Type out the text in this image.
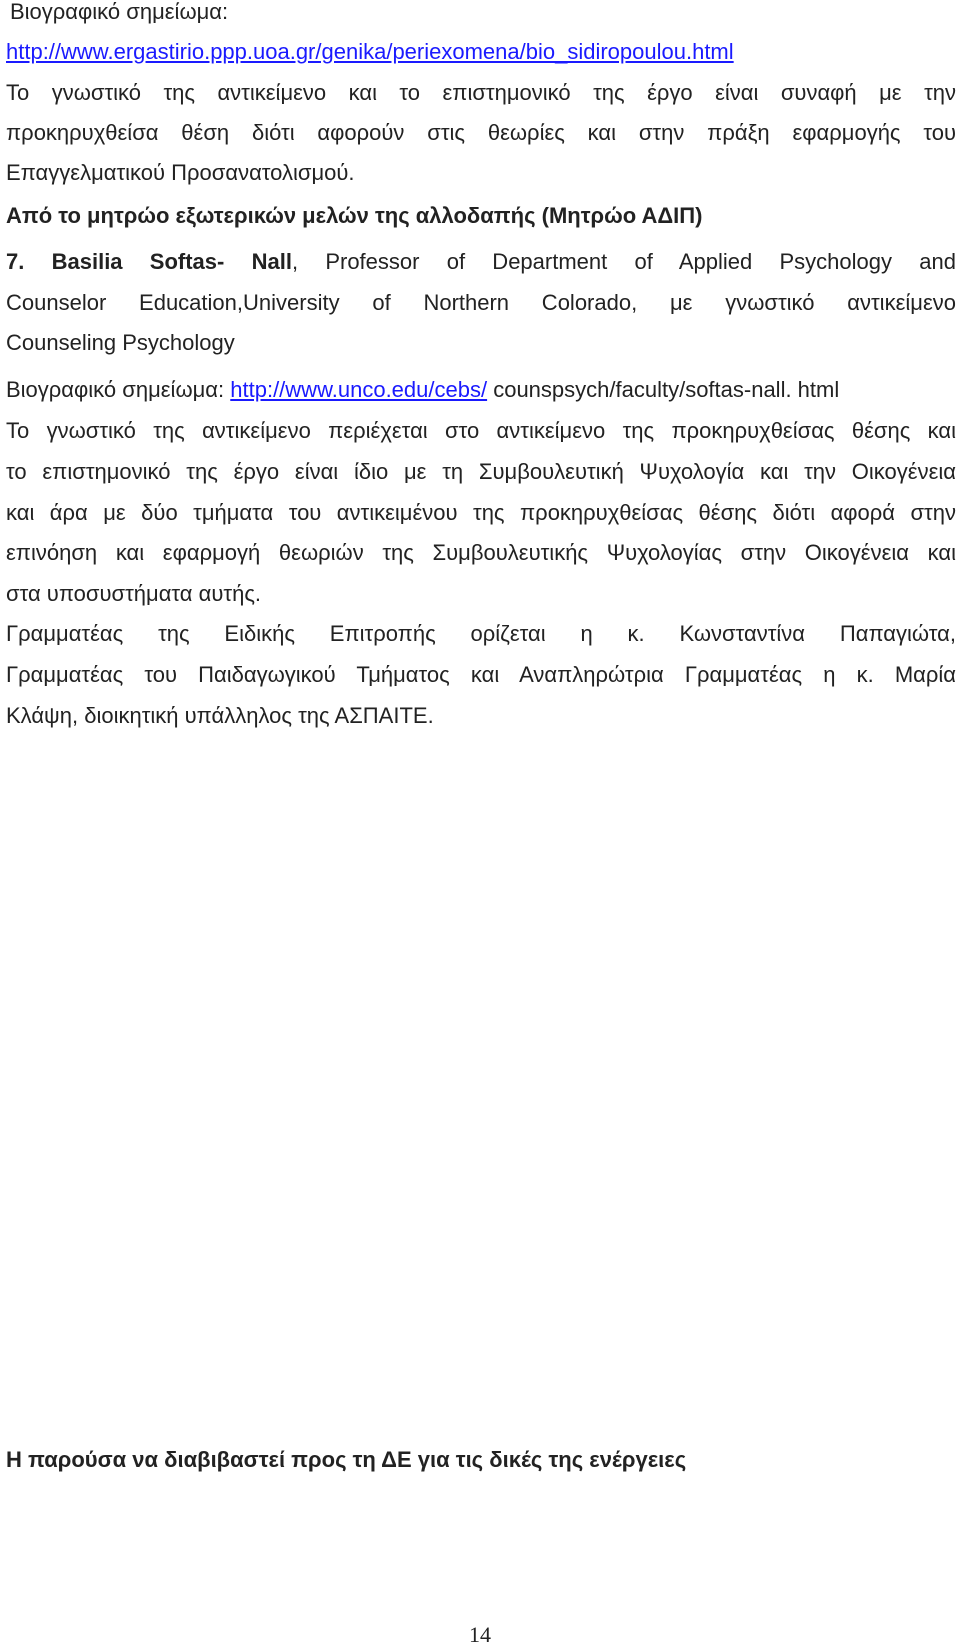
Βιογραφικό σημείωμα:
http://www.ergastirio.ppp.uoa.gr/genika/periexomena/bio_sidiropoulou.html
Το γνωστικό της αντικείμενο και το επιστημονικό της έργο είναι συναφή με την
προκηρυχθείσα θέση διότι αφορούν στις θεωρίες και στην πράξη εφαρμογής του
Επαγγελματικού Προσανατολισμού.
Από το μητρώο εξωτερικών μελών της αλλοδαπής (Μητρώο ΑΔΙΠ)
7. Basilia Softas- Nall, Professor of Department of Applied Psychology and
Counselor Education,University of Northern Colorado, με γνωστικό αντικείμενο
Counseling Psychology
Βιογραφικό σημείωμα: http://www.unco.edu/cebs/ counspsych/faculty/softas-nall. html
Το γνωστικό της αντικείμενο περιέχεται στο αντικείμενο της προκηρυχθείσας θέσης και
το επιστημονικό της έργο είναι ίδιο με τη Συμβουλευτική Ψυχολογία και την Οικογένεια
και άρα με δύο τμήματα του αντικειμένου της προκηρυχθείσας θέσης διότι αφορά στην
επινόηση και εφαρμογή θεωριών της Συμβουλευτικής Ψυχολογίας στην Οικογένεια και
στα υποσυστήματα αυτής.
Γραμματέας της Ειδικής Επιτροπής ορίζεται η κ. Κωνσταντίνα Παπαγιώτα,
Γραμματέας του Παιδαγωγικού Τμήματος και Αναπληρώτρια Γραμματέας η κ. Μαρία
Κλάψη, διοικητική υπάλληλος της ΑΣΠΑΙΤΕ.
Η παρούσα να διαβιβαστεί προς τη ΔΕ για τις δικές της ενέργειες
14
